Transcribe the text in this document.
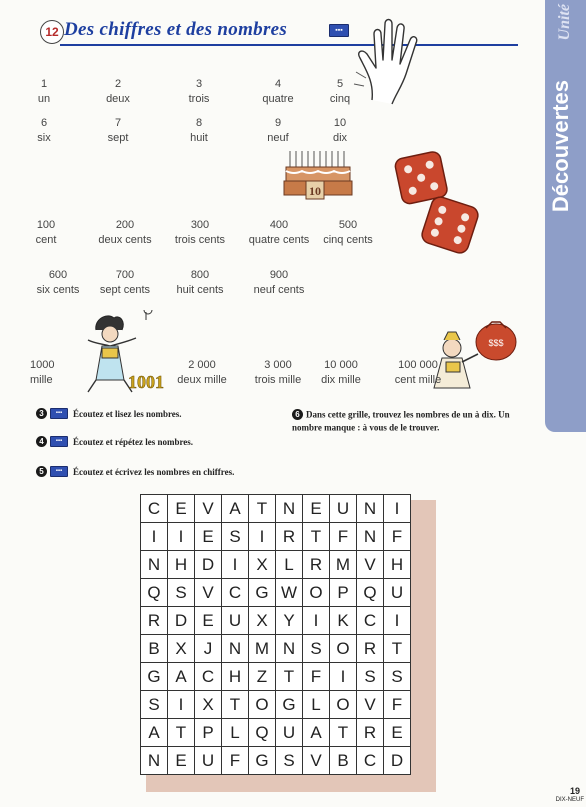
Unité
Découvertes
12 Des chiffres et des nombres	▪▪▪
1
un
2
deux
3
trois
4
quatre
5
cinq
6
six
7
sept
8
huit
9
neuf
10
dix
10
100
cent
200
deux cents
300
trois cents
400
quatre cents
500
cinq cents
600
six cents
700
sept cents
800
huit cents
900
neuf cents
1001
$$$
1000
mille
2 000
deux mille
3 000
trois mille
10 000
dix mille
100 000
cent mille
3 ▪▪▪ Écoutez et lisez les nombres.
4 ▪▪▪ Écoutez et répétez les nombres.
5 ▪▪▪ Écoutez et écrivez les nombres en chiffres.
6 Dans cette grille, trouvez les nombres de un à dix. Un nombre manque : à vous de le trouver.
C	E	V	A	T	N	E	U	N	I
I	I	E	S	I	R	T	F	N	F
N	H	D	I	X	L	R	M	V	H
Q	S	V	C	G	W	O	P	Q	U
R	D	E	U	X	Y	I	K	C	I
B	X	J	N	M	N	S	O	R	T
G	A	C	H	Z	T	F	I	S	S
S	I	X	T	O	G	L	O	V	F
A	T	P	L	Q	U	A	T	R	E
N	E	U	F	G	S	V	B	C	D
19
DIX-NEUF
